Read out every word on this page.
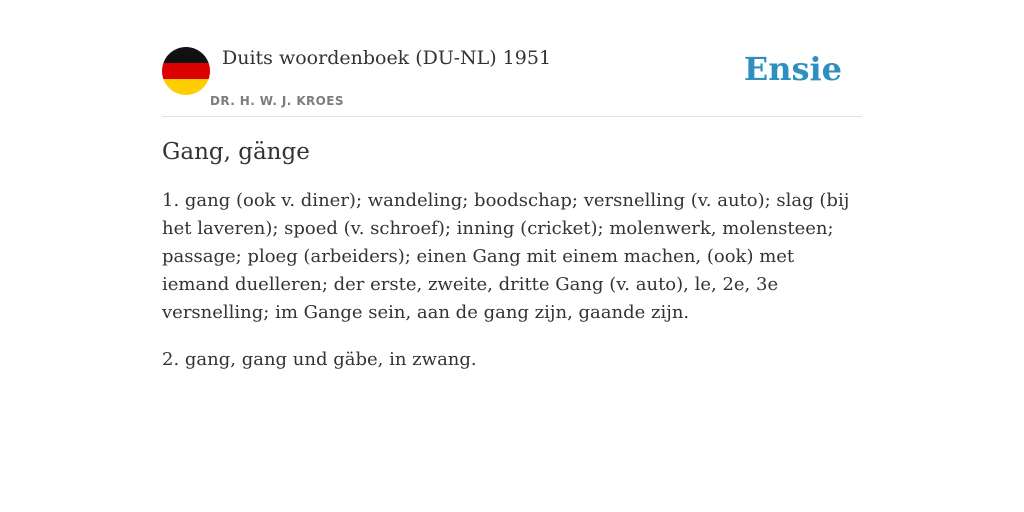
Duits woordenboek (DU-NL) 1951
DR. H. W. J. KROES
Ensie
Gang, gänge

1. gang (ook v. diner); wandeling; boodschap; versnelling (v. auto); slag (bij het laveren); spoed (v. schroef); inning (cricket); molenwerk, molensteen; passage; ploeg (arbeiders); einen Gang mit einem machen, (ook) met iemand duelleren; der erste, zweite, dritte Gang (v. auto), le, 2e, 3e versnelling; im Gange sein, aan de gang zijn, gaande zijn.

2. gang, gang und gäbe, in zwang.
